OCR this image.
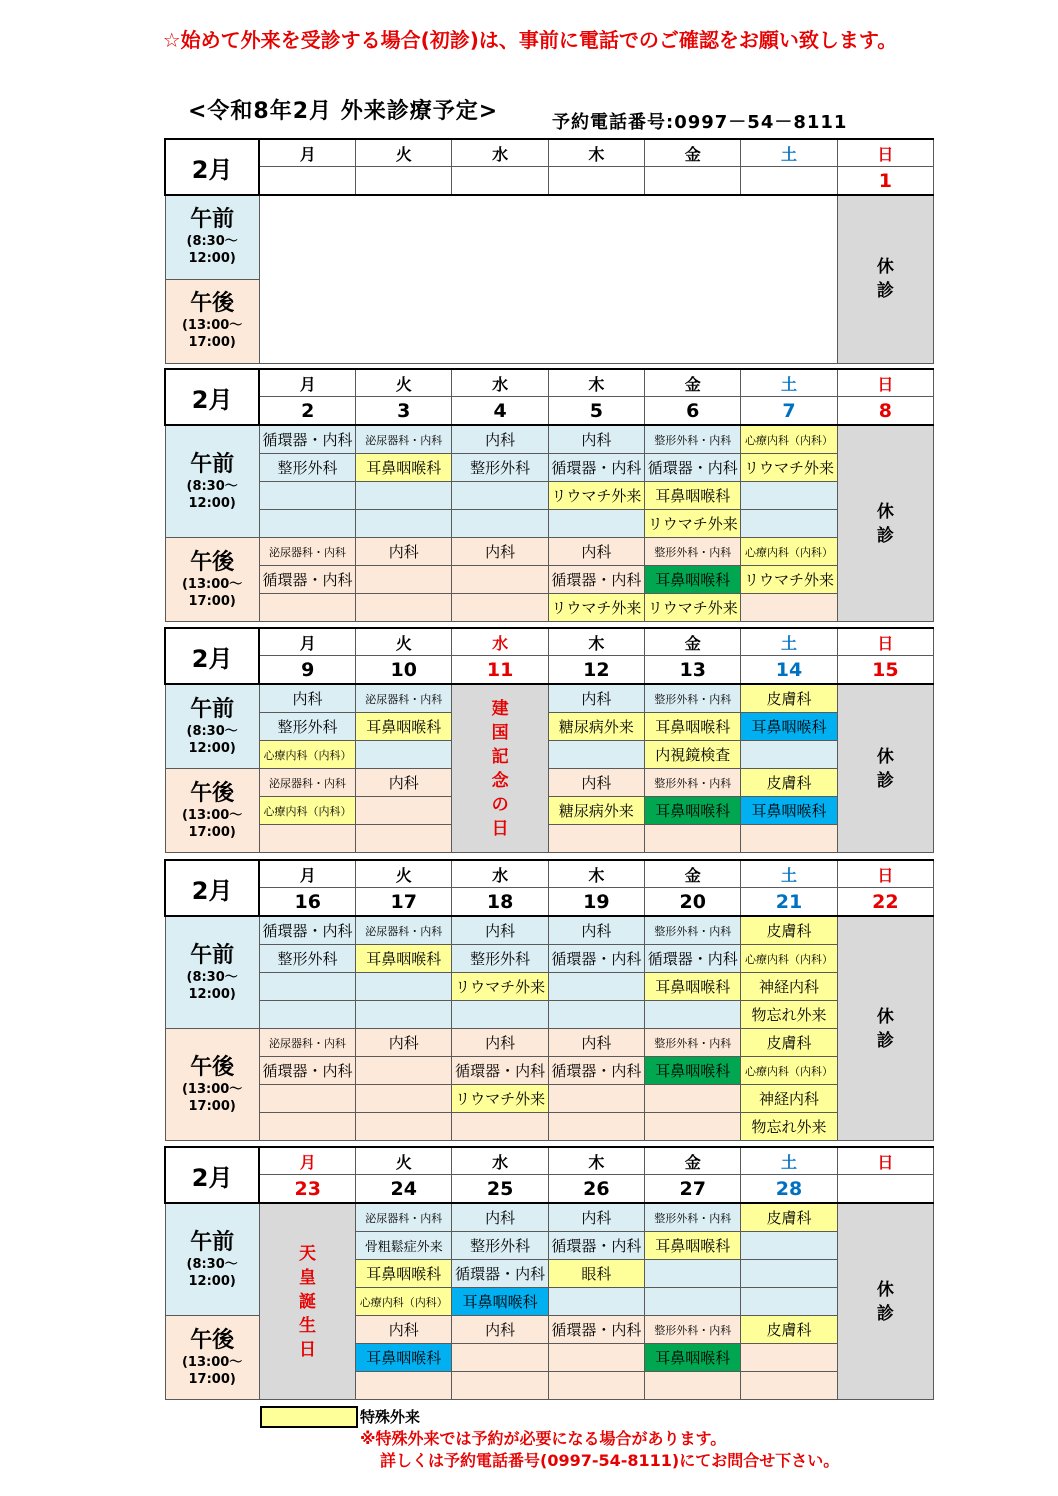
☆始めて外来を受診する場合(初診)は、事前に電話でのご確認をお願い致します。
<令和8年2月 外来診療予定>	予約電話番号:0997－54－8111
2月	月	火	水	木	金	土	日
							1

午前
(8:30～12:00)							休診

午後
(13:00～17:00)							
2月	月	火	水	木	金	土	日
	2	3	4	5	6	7	8

午前
(8:30～12:00)	循環器・内科	泌尿器科・内科	内科	内科	整形外科・内科	心療内科（内科）	休診
	整形外科	耳鼻咽喉科	整形外科	循環器・内科	循環器・内科	リウマチ外来	
				リウマチ外来	耳鼻咽喉科		
					リウマチ外来		

午後
(13:00～17:00)	泌尿器科・内科	内科	内科	内科	整形外科・内科	心療内科（内科）	
	循環器・内科			循環器・内科	耳鼻咽喉科	リウマチ外来	
				リウマチ外来	リウマチ外来		
2月	月	火	水	木	金	土	日
	9	10	11	12	13	14	15

午前
(8:30～12:00)	内科	泌尿器科・内科	建国記念の日	内科	整形外科・内科	皮膚科	休診
	整形外科	耳鼻咽喉科		糖尿病外来	耳鼻咽喉科	耳鼻咽喉科	
	心療内科（内科）				内視鏡検査		

午後
(13:00～17:00)	泌尿器科・内科	内科		内科	整形外科・内科	皮膚科	
	心療内科（内科）			糖尿病外来	耳鼻咽喉科	耳鼻咽喉科	

2月	月	火	水	木	金	土	日
	16	17	18	19	20	21	22

午前
(8:30～12:00)	循環器・内科	泌尿器科・内科	内科	内科	整形外科・内科	皮膚科	休診
	整形外科	耳鼻咽喉科	整形外科	循環器・内科	循環器・内科	心療内科（内科）	
			リウマチ外来		耳鼻咽喉科	神経内科	
						物忘れ外来	

午後
(13:00～17:00)	泌尿器科・内科	内科	内科	内科	整形外科・内科	皮膚科	
	循環器・内科		循環器・内科	循環器・内科	耳鼻咽喉科	心療内科（内科）	
			リウマチ外来			神経内科	
						物忘れ外来	
2月	月	火	水	木	金	土	日
	23	24	25	26	27	28	

午前
(8:30～12:00)	天皇誕生日	泌尿器科・内科	内科	内科	整形外科・内科	皮膚科	休診
		骨粗鬆症外来	整形外科	循環器・内科	耳鼻咽喉科		
		耳鼻咽喉科	循環器・内科	眼科			
		心療内科（内科）	耳鼻咽喉科				

午後
(13:00～17:00)		内科	内科	循環器・内科	整形外科・内科	皮膚科	
		耳鼻咽喉科			耳鼻咽喉科		

特殊外来
※特殊外来では予約が必要になる場合があります。
詳しくは予約電話番号(0997-54-8111)にてお問合せ下さい。
